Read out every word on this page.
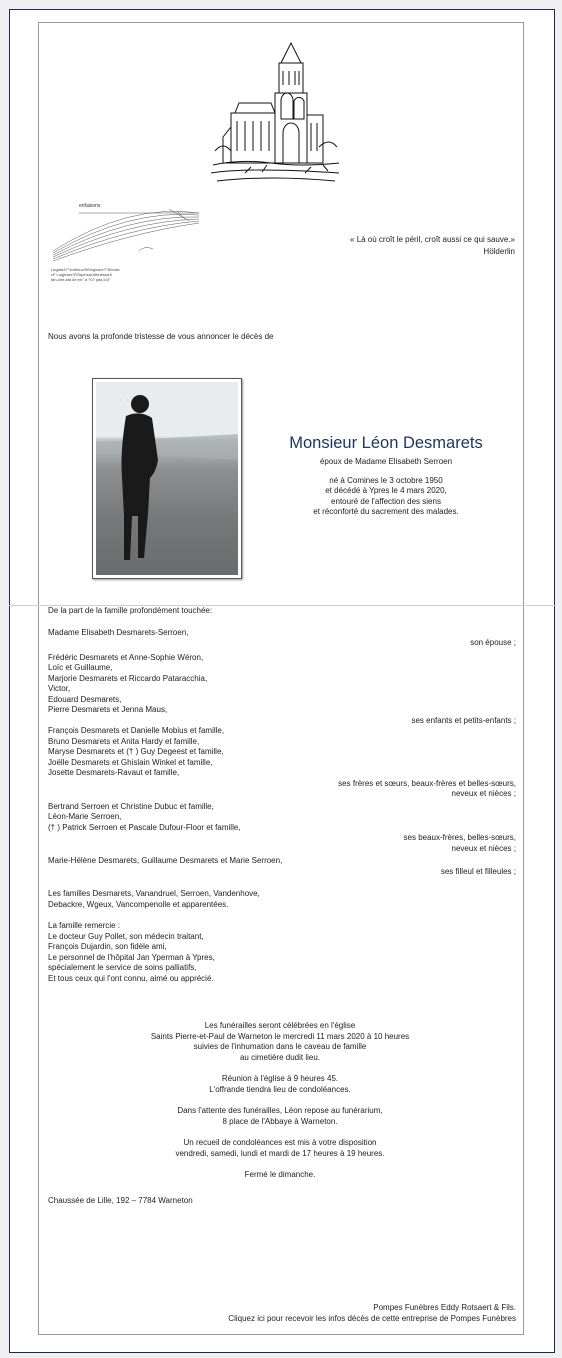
enfaisons
Legata37°4mbhuz!9rSngvwre7°iEmasl
cF Luqjivser9°Elqohsal-6ihnessa-il
fan-olm-sfa de en° a ?07 pas lo3°
« Là où croît le péril, croît aussi ce qui sauve.»
Hölderlin
Nous avons la profonde tristesse de vous annoncer le décès de
Monsieur Léon Desmarets
époux de Madame Elisabeth Serroen
né à Comines le 3 octobre 1950
et décédé à Ypres le 4 mars 2020,
entouré de l'affection des siens
et réconforté du sacrement des malades.
De la part de la famille profondément touchée:
Madame Elisabeth Desmarets-Serroen,
son épouse ;
Frédéric Desmarets et Anne-Sophie Wéron,
Loïc et Guillaume,
Marjorie Desmarets et Riccardo Pataracchia,
Victor,
Edouard Desmarets,
Pierre Desmarets et Jenna Maus,
ses enfants et petits-enfants ;
François Desmarets et Danielle Mobius et famille,
Bruno Desmarets et Anita Hardy et famille,
Maryse Desmarets et († ) Guy Degeest et famille,
Joëlle Desmarets et Ghislain Winkel et famille,
Josette Desmarets-Ravaut et famille,
ses frères et sœurs, beaux-frères et belles-sœurs,
neveux et nièces ;
Bertrand Serroen et Christine Dubuc et famille,
Léon-Marie Serroen,
(† ) Patrick Serroen et Pascale Dufour-Floor et famille,
ses beaux-frères, belles-sœurs,
neveux et nièces ;
Marie-Hélène Desmarets, Guillaume Desmarets et Marie Serroen,
ses filleul et filleules ;
Les familles Desmarets, Vanandruel, Serroen, Vandenhove,
Debackre, Wgeux, Vancompenolle et apparentées.
La famille remercie :
Le docteur Guy Pollet, son médecin traitant,
François Dujardin, son fidèle ami,
Le personnel de l'hôpital Jan Yperman à Ypres,
spécialement le service de soins palliatifs,
Et tous ceux qui l'ont connu, aimé ou apprécié.
Les funérailles seront célébrées en l'église
Saints Pierre-et-Paul de Warneton le mercredi 11 mars 2020 à 10 heures
suivies de l'inhumation dans le caveau de famille
au cimetière dudit lieu.
Réunion à l'église à 9 heures 45.
L'offrande tiendra lieu de condoléances.
Dans l'attente des funérailles, Léon repose au funérarium,
8 place de l'Abbaye à Warneton.
Un recueil de condoléances est mis à votre disposition
vendredi, samedi, lundi et mardi de 17 heures à 19 heures.
Fermé le dimanche.
Chaussée de Lille, 192 – 7784 Warneton
Pompes Funèbres Eddy Rotsaert & Fils.
Cliquez ici pour recevoir les infos décès de cette entreprise de Pompes Funèbres
